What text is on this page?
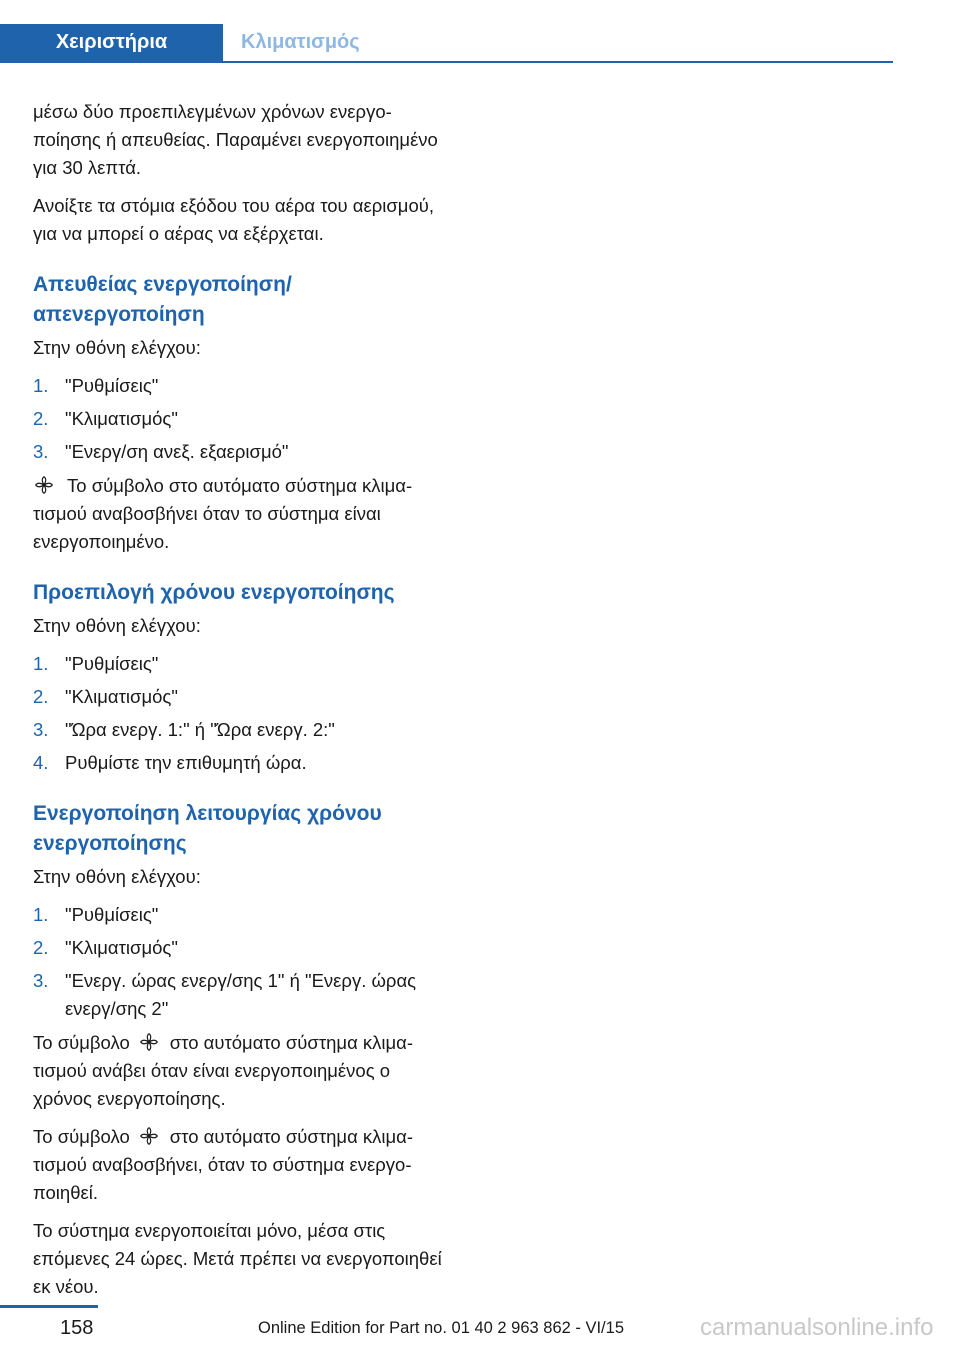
Χειριστήρια	Κλιματισμός

μέσω δύο προεπιλεγμένων χρόνων ενεργοποίησης ή απευθείας. Παραμένει ενεργοποιημένο για 30 λεπτά.

Ανοίξτε τα στόμια εξόδου του αέρα του αερισμού, για να μπορεί ο αέρας να εξέρχεται.

Απευθείας ενεργοποίηση/απενεργοποίηση

Στην οθόνη ελέγχου:

1. "Ρυθμίσεις"
2. "Κλιματισμός"
3. "Ενεργ/ση ανεξ. εξαερισμό"

Το σύμβολο στο αυτόματο σύστημα κλιματισμού αναβοσβήνει όταν το σύστημα είναι ενεργοποιημένο.

Προεπιλογή χρόνου ενεργοποίησης

Στην οθόνη ελέγχου:

1. "Ρυθμίσεις"
2. "Κλιματισμός"
3. "Ώρα ενεργ. 1:" ή "Ώρα ενεργ. 2:"
4. Ρυθμίστε την επιθυμητή ώρα.
Ενεργοποίηση λειτουργίας χρόνου ενεργοποίησης

Στην οθόνη ελέγχου:

1. "Ρυθμίσεις"
2. "Κλιματισμός"
3. "Ενεργ. ώρας ενεργ/σης 1" ή "Ενεργ. ώρας ενεργ/σης 2"

Το σύμβολο στο αυτόματο σύστημα κλιματισμού ανάβει όταν είναι ενεργοποιημένος ο χρόνος ενεργοποίησης.

Το σύμβολο στο αυτόματο σύστημα κλιματισμού αναβοσβήνει, όταν το σύστημα ενεργοποιηθεί.

Το σύστημα ενεργοποιείται μόνο, μέσα στις επόμενες 24 ώρες. Μετά πρέπει να ενεργοποιηθεί εκ νέου.

158	Online Edition for Part no. 01 40 2 963 862 - VI/15	carmanualsonline.info
